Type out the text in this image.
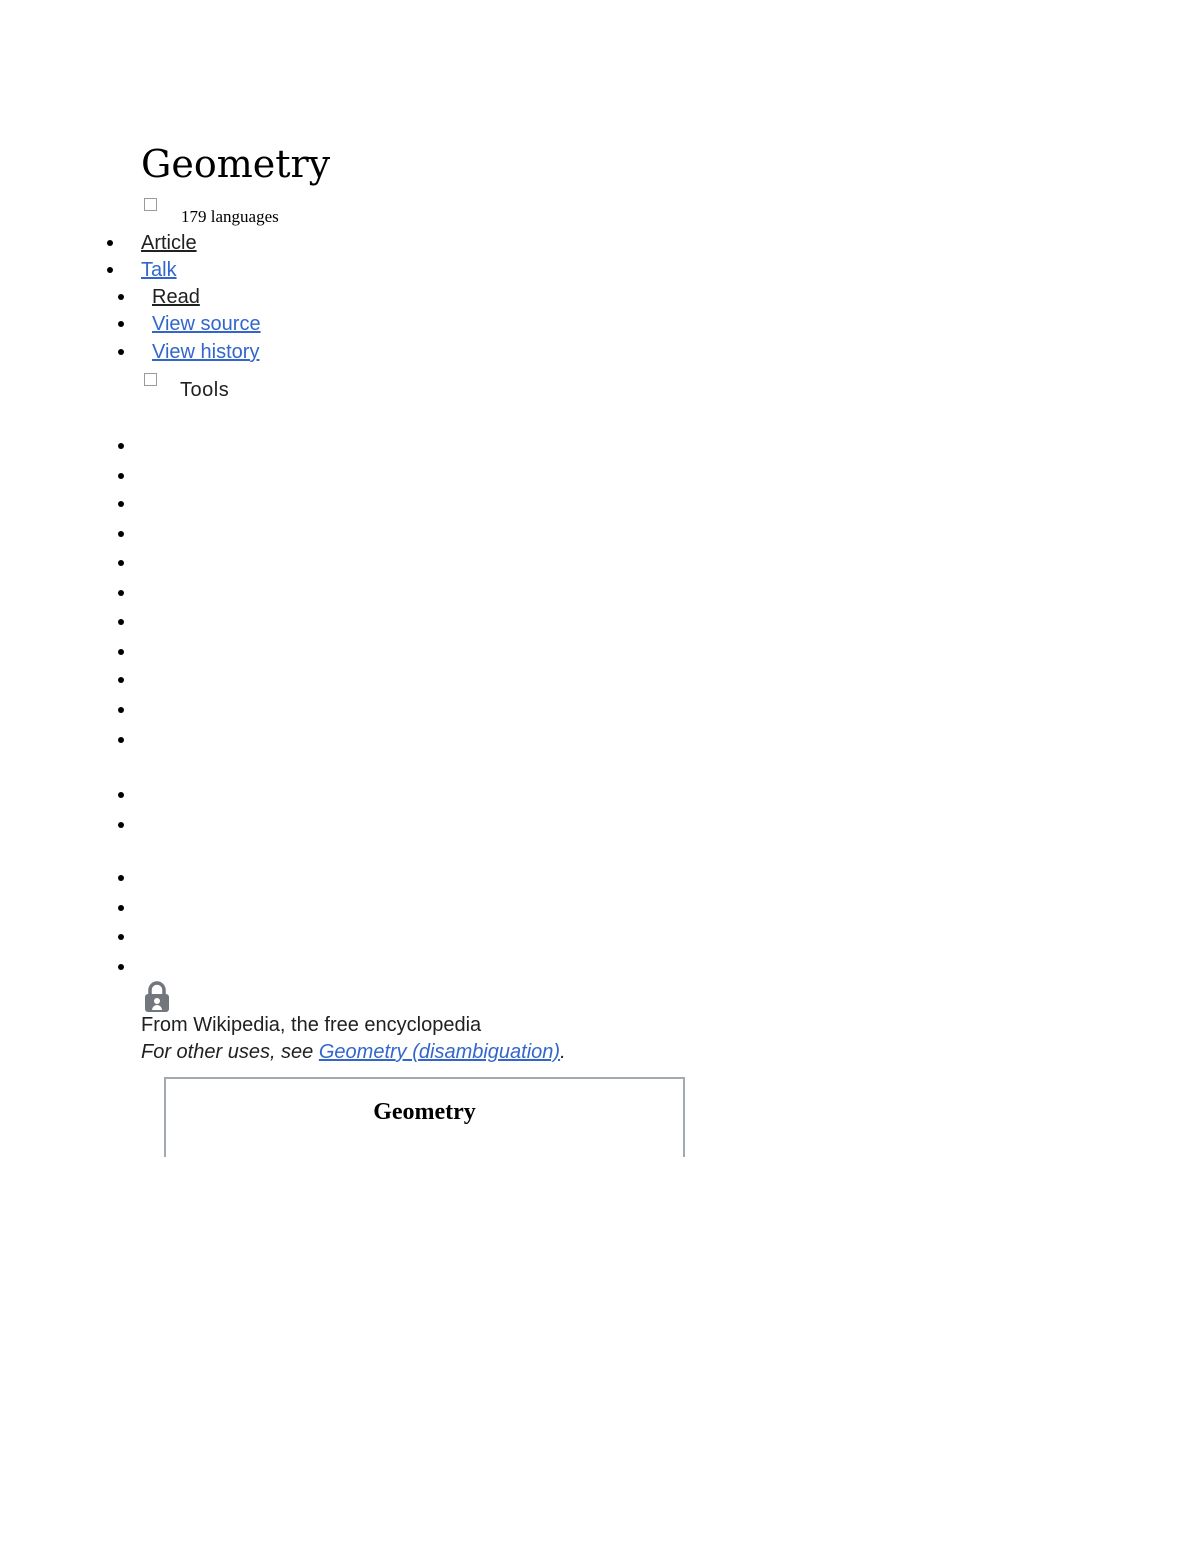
Geometry
179 languages
Article
Talk
Read
View source
View history
Tools
From Wikipedia, the free encyclopedia
For other uses, see Geometry (disambiguation).
Geometry
